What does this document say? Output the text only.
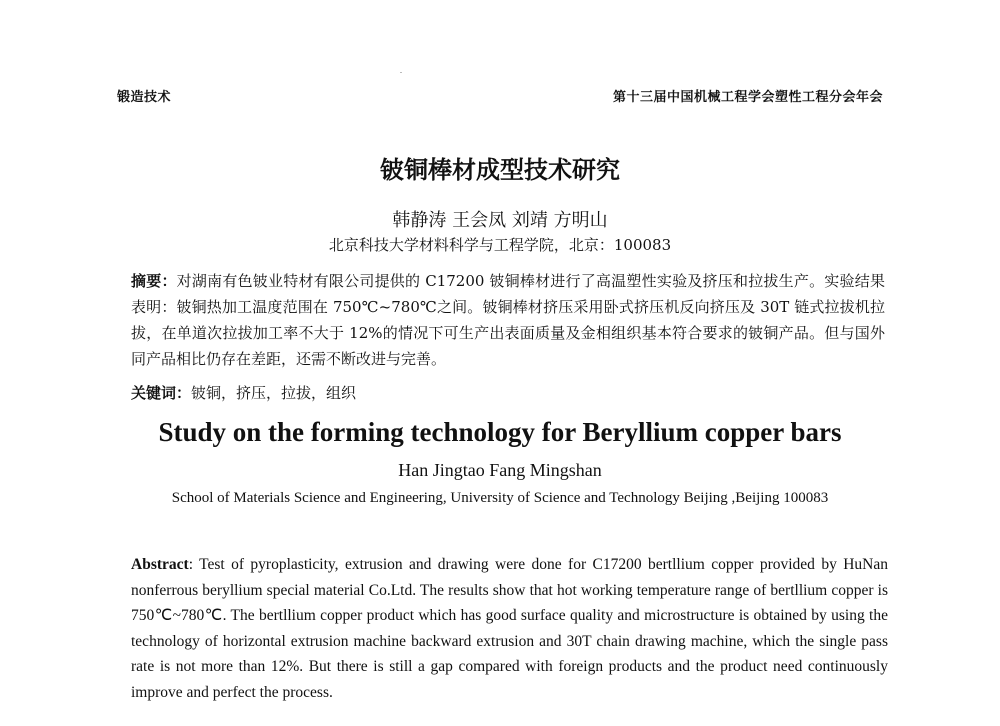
锻造技术	第十三届中国机械工程学会塑性工程分会年会
铍铜棒材成型技术研究
韩静涛 王会凤 刘靖 方明山
北京科技大学材料科学与工程学院，北京：100083
摘要：对湖南有色铍业特材有限公司提供的 C17200 铍铜棒材进行了高温塑性实验及挤压和拉拔生产。实验结果表明：铍铜热加工温度范围在 750℃~780℃之间。铍铜棒材挤压采用卧式挤压机反向挤压及 30T 链式拉拔机拉拔，在单道次拉拔加工率不大于 12%的情况下可生产出表面质量及金相组织基本符合要求的铍铜产品。但与国外同产品相比仍存在差距，还需不断改进与完善。
关键词：铍铜，挤压，拉拔，组织
Study on the forming technology for Beryllium copper bars
Han Jingtao Fang Mingshan
School of Materials Science and Engineering, University of Science and Technology Beijing ,Beijing 100083
Abstract: Test of pyroplasticity, extrusion and drawing were done for C17200 bertllium copper provided by HuNan nonferrous beryllium special material Co.Ltd. The results show that hot working temperature range of bertllium copper is 750℃~780℃. The bertllium copper product which has good surface quality and microstructure is obtained by using the technology of horizontal extrusion machine backward extrusion and 30T chain drawing machine, which the single pass rate is not more than 12%. But there is still a gap compared with foreign products and the product need continuously improve and perfect the process.
